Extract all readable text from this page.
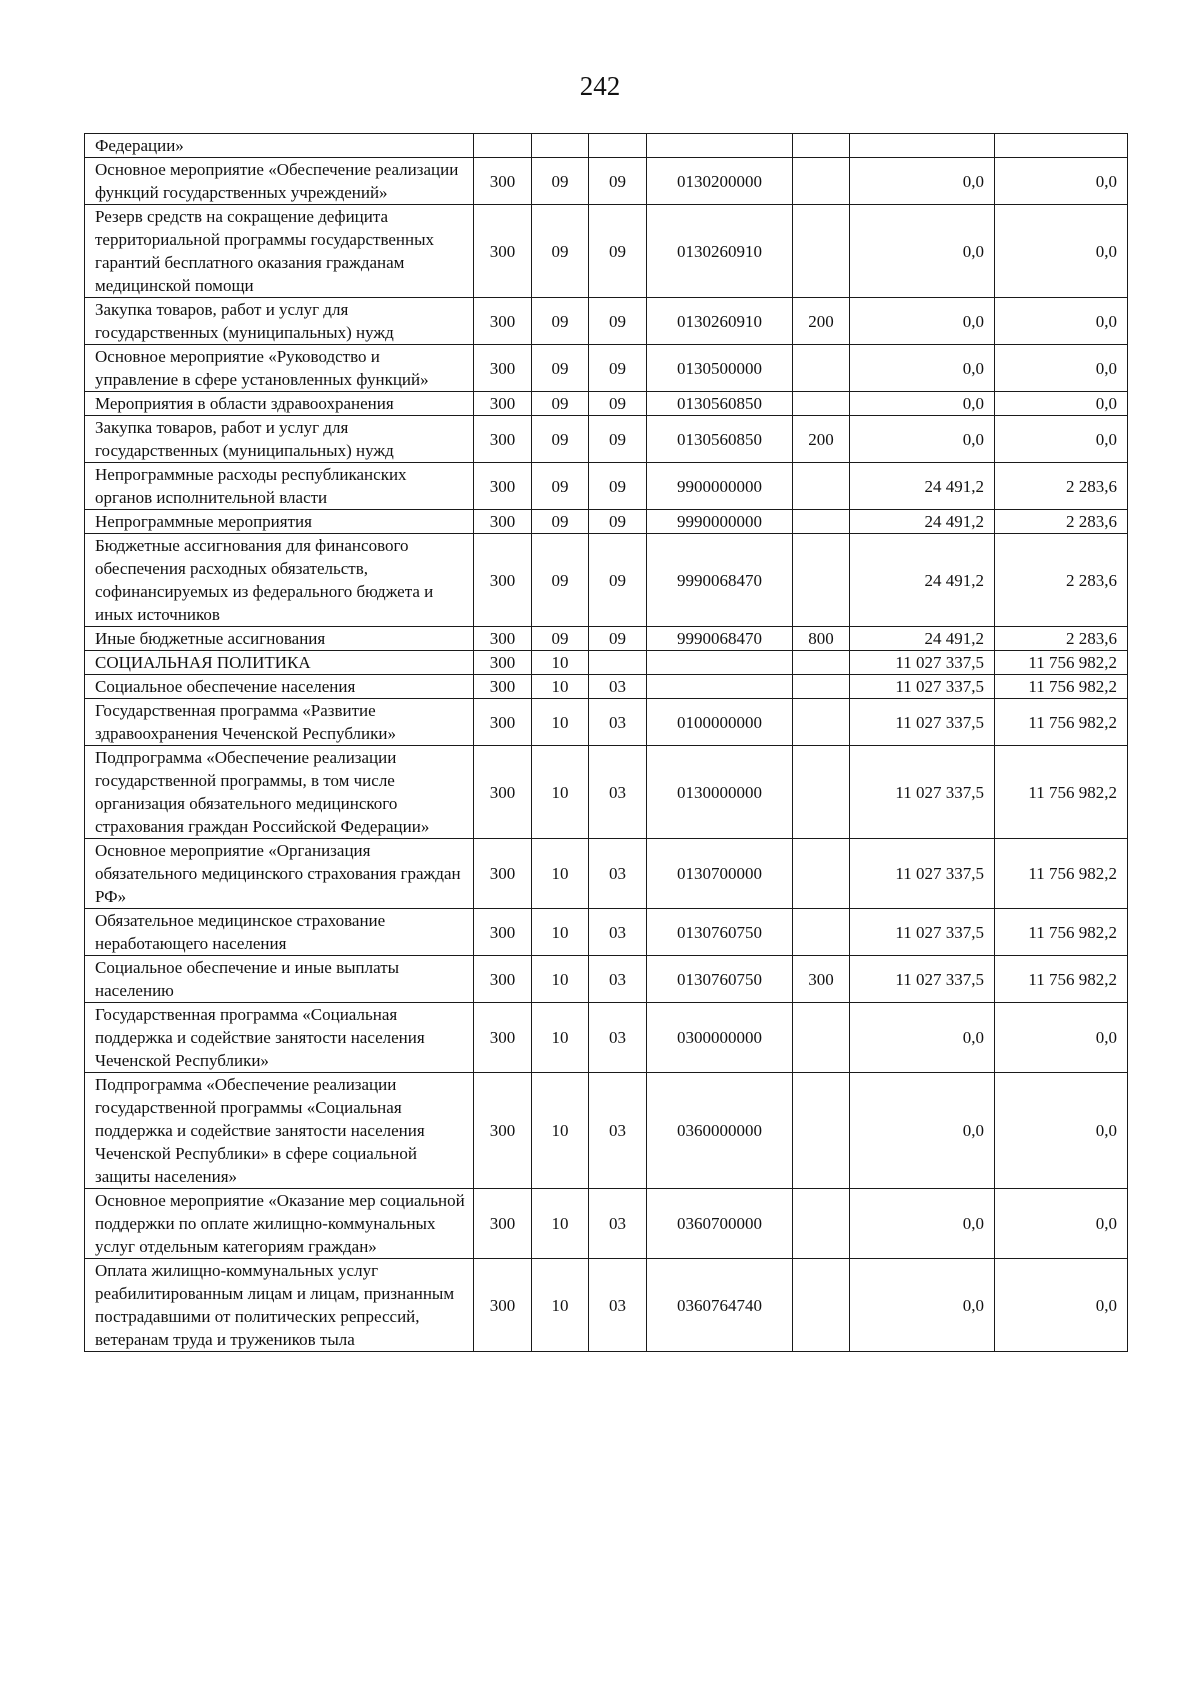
242
Федерации»							
Основное мероприятие «Обеспечение реализации функций государственных учреждений»	300	09	09	0130200000		0,0	0,0
Резерв средств на сокращение дефицита территориальной программы государственных гарантий бесплатного оказания гражданам медицинской помощи	300	09	09	0130260910		0,0	0,0
Закупка товаров, работ и услуг для государственных (муниципальных) нужд	300	09	09	0130260910	200	0,0	0,0
Основное мероприятие «Руководство и управление в сфере установленных функций»	300	09	09	0130500000		0,0	0,0
Мероприятия в области здравоохранения	300	09	09	0130560850		0,0	0,0
Закупка товаров, работ и услуг для государственных (муниципальных) нужд	300	09	09	0130560850	200	0,0	0,0
Непрограммные расходы республиканских органов исполнительной власти	300	09	09	9900000000		24 491,2	2 283,6
Непрограммные мероприятия	300	09	09	9990000000		24 491,2	2 283,6
Бюджетные ассигнования для финансового обеспечения расходных обязательств, софинансируемых из федерального бюджета и иных источников	300	09	09	9990068470		24 491,2	2 283,6
Иные бюджетные ассигнования	300	09	09	9990068470	800	24 491,2	2 283,6
СОЦИАЛЬНАЯ ПОЛИТИКА	300	10				11 027 337,5	11 756 982,2
Социальное обеспечение населения	300	10	03			11 027 337,5	11 756 982,2
Государственная программа «Развитие здравоохранения Чеченской Республики»	300	10	03	0100000000		11 027 337,5	11 756 982,2
Подпрограмма «Обеспечение реализации государственной программы, в том числе организация обязательного медицинского страхования граждан Российской Федерации»	300	10	03	0130000000		11 027 337,5	11 756 982,2
Основное мероприятие «Организация обязательного медицинского страхования граждан РФ»	300	10	03	0130700000		11 027 337,5	11 756 982,2
Обязательное медицинское страхование неработающего населения	300	10	03	0130760750		11 027 337,5	11 756 982,2
Социальное обеспечение и иные выплаты населению	300	10	03	0130760750	300	11 027 337,5	11 756 982,2
Государственная программа «Социальная поддержка и содействие занятости населения Чеченской Республики»	300	10	03	0300000000		0,0	0,0
Подпрограмма «Обеспечение реализации государственной программы «Социальная поддержка и содействие занятости населения Чеченской Республики» в сфере социальной защиты населения»	300	10	03	0360000000		0,0	0,0
Основное мероприятие «Оказание мер социальной поддержки по оплате жилищно-коммунальных услуг отдельным категориям граждан»	300	10	03	0360700000		0,0	0,0
Оплата жилищно-коммунальных услуг реабилитированным лицам и лицам, признанным пострадавшими от политических репрессий, ветеранам труда и тружеников тыла	300	10	03	0360764740		0,0	0,0
